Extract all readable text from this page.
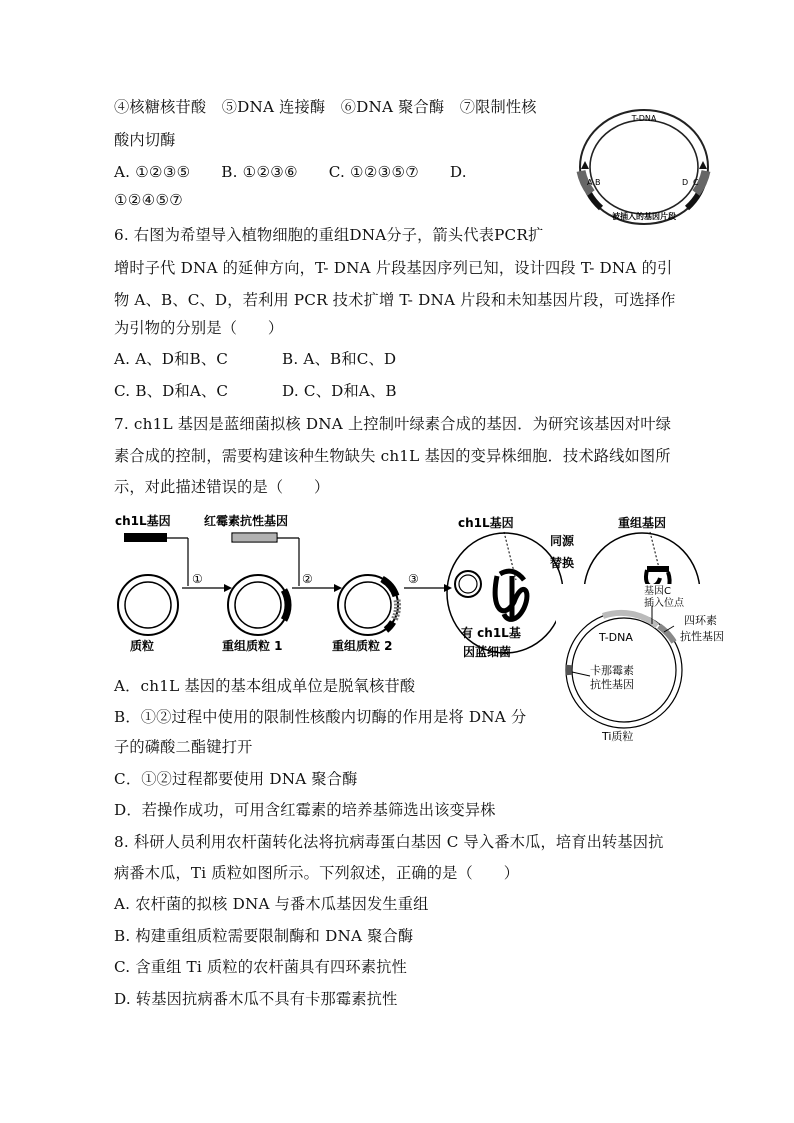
④核糖核苷酸　⑤DNA 连接酶　⑥DNA 聚合酶　⑦限制性核
酸内切酶
A. ①②③⑤　　B. ①②③⑥　　C. ①②③⑤⑦　　D.
①②④⑤⑦
T-DNA
A B	C
D
被插入的基因片段
6. 右图为希望导入植物细胞的重组DNA分子，箭头代表PCR扩
增时子代 DNA 的延伸方向，T- DNA 片段基因序列已知，设计四段 T- DNA 的引
物 A、B、C、D，若利用 PCR 技术扩增 T- DNA 片段和未知基因片段，可选择作
为引物的分别是（　　）
A. A、D和B、C	B. A、B和C、D
C. B、D和A、C	D. C、D和A、B
7. ch1L 基因是蓝细菌拟核 DNA 上控制叶绿素合成的基因．为研究该基因对叶绿
素合成的控制，需要构建该种生物缺失 ch1L 基因的变异株细胞．技术路线如图所
示，对此描述错误的是（　　）
ch1L基因	红霉素抗性基因
①
质粒
②
重组质粒 1
③
重组质粒 2
ch1L基因
有 ch1L基
因蓝细菌
同源
替换
重组基因
基因C
插入位点
T-DNA
四环素
抗性基因
卡那霉素
抗性基因
Ti质粒
A．ch1L 基因的基本组成单位是脱氧核苷酸
B．①②过程中使用的限制性核酸内切酶的作用是将 DNA 分
子的磷酸二酯键打开
C．①②过程都要使用 DNA 聚合酶
D．若操作成功，可用含红霉素的培养基筛选出该变异株
8. 科研人员利用农杆菌转化法将抗病毒蛋白基因 C 导入番木瓜，培育出转基因抗
病番木瓜，Ti 质粒如图所示。下列叙述，正确的是（　　）
A. 农杆菌的拟核 DNA 与番木瓜基因发生重组
B. 构建重组质粒需要限制酶和 DNA 聚合酶
C. 含重组 Ti 质粒的农杆菌具有四环素抗性
D. 转基因抗病番木瓜不具有卡那霉素抗性
